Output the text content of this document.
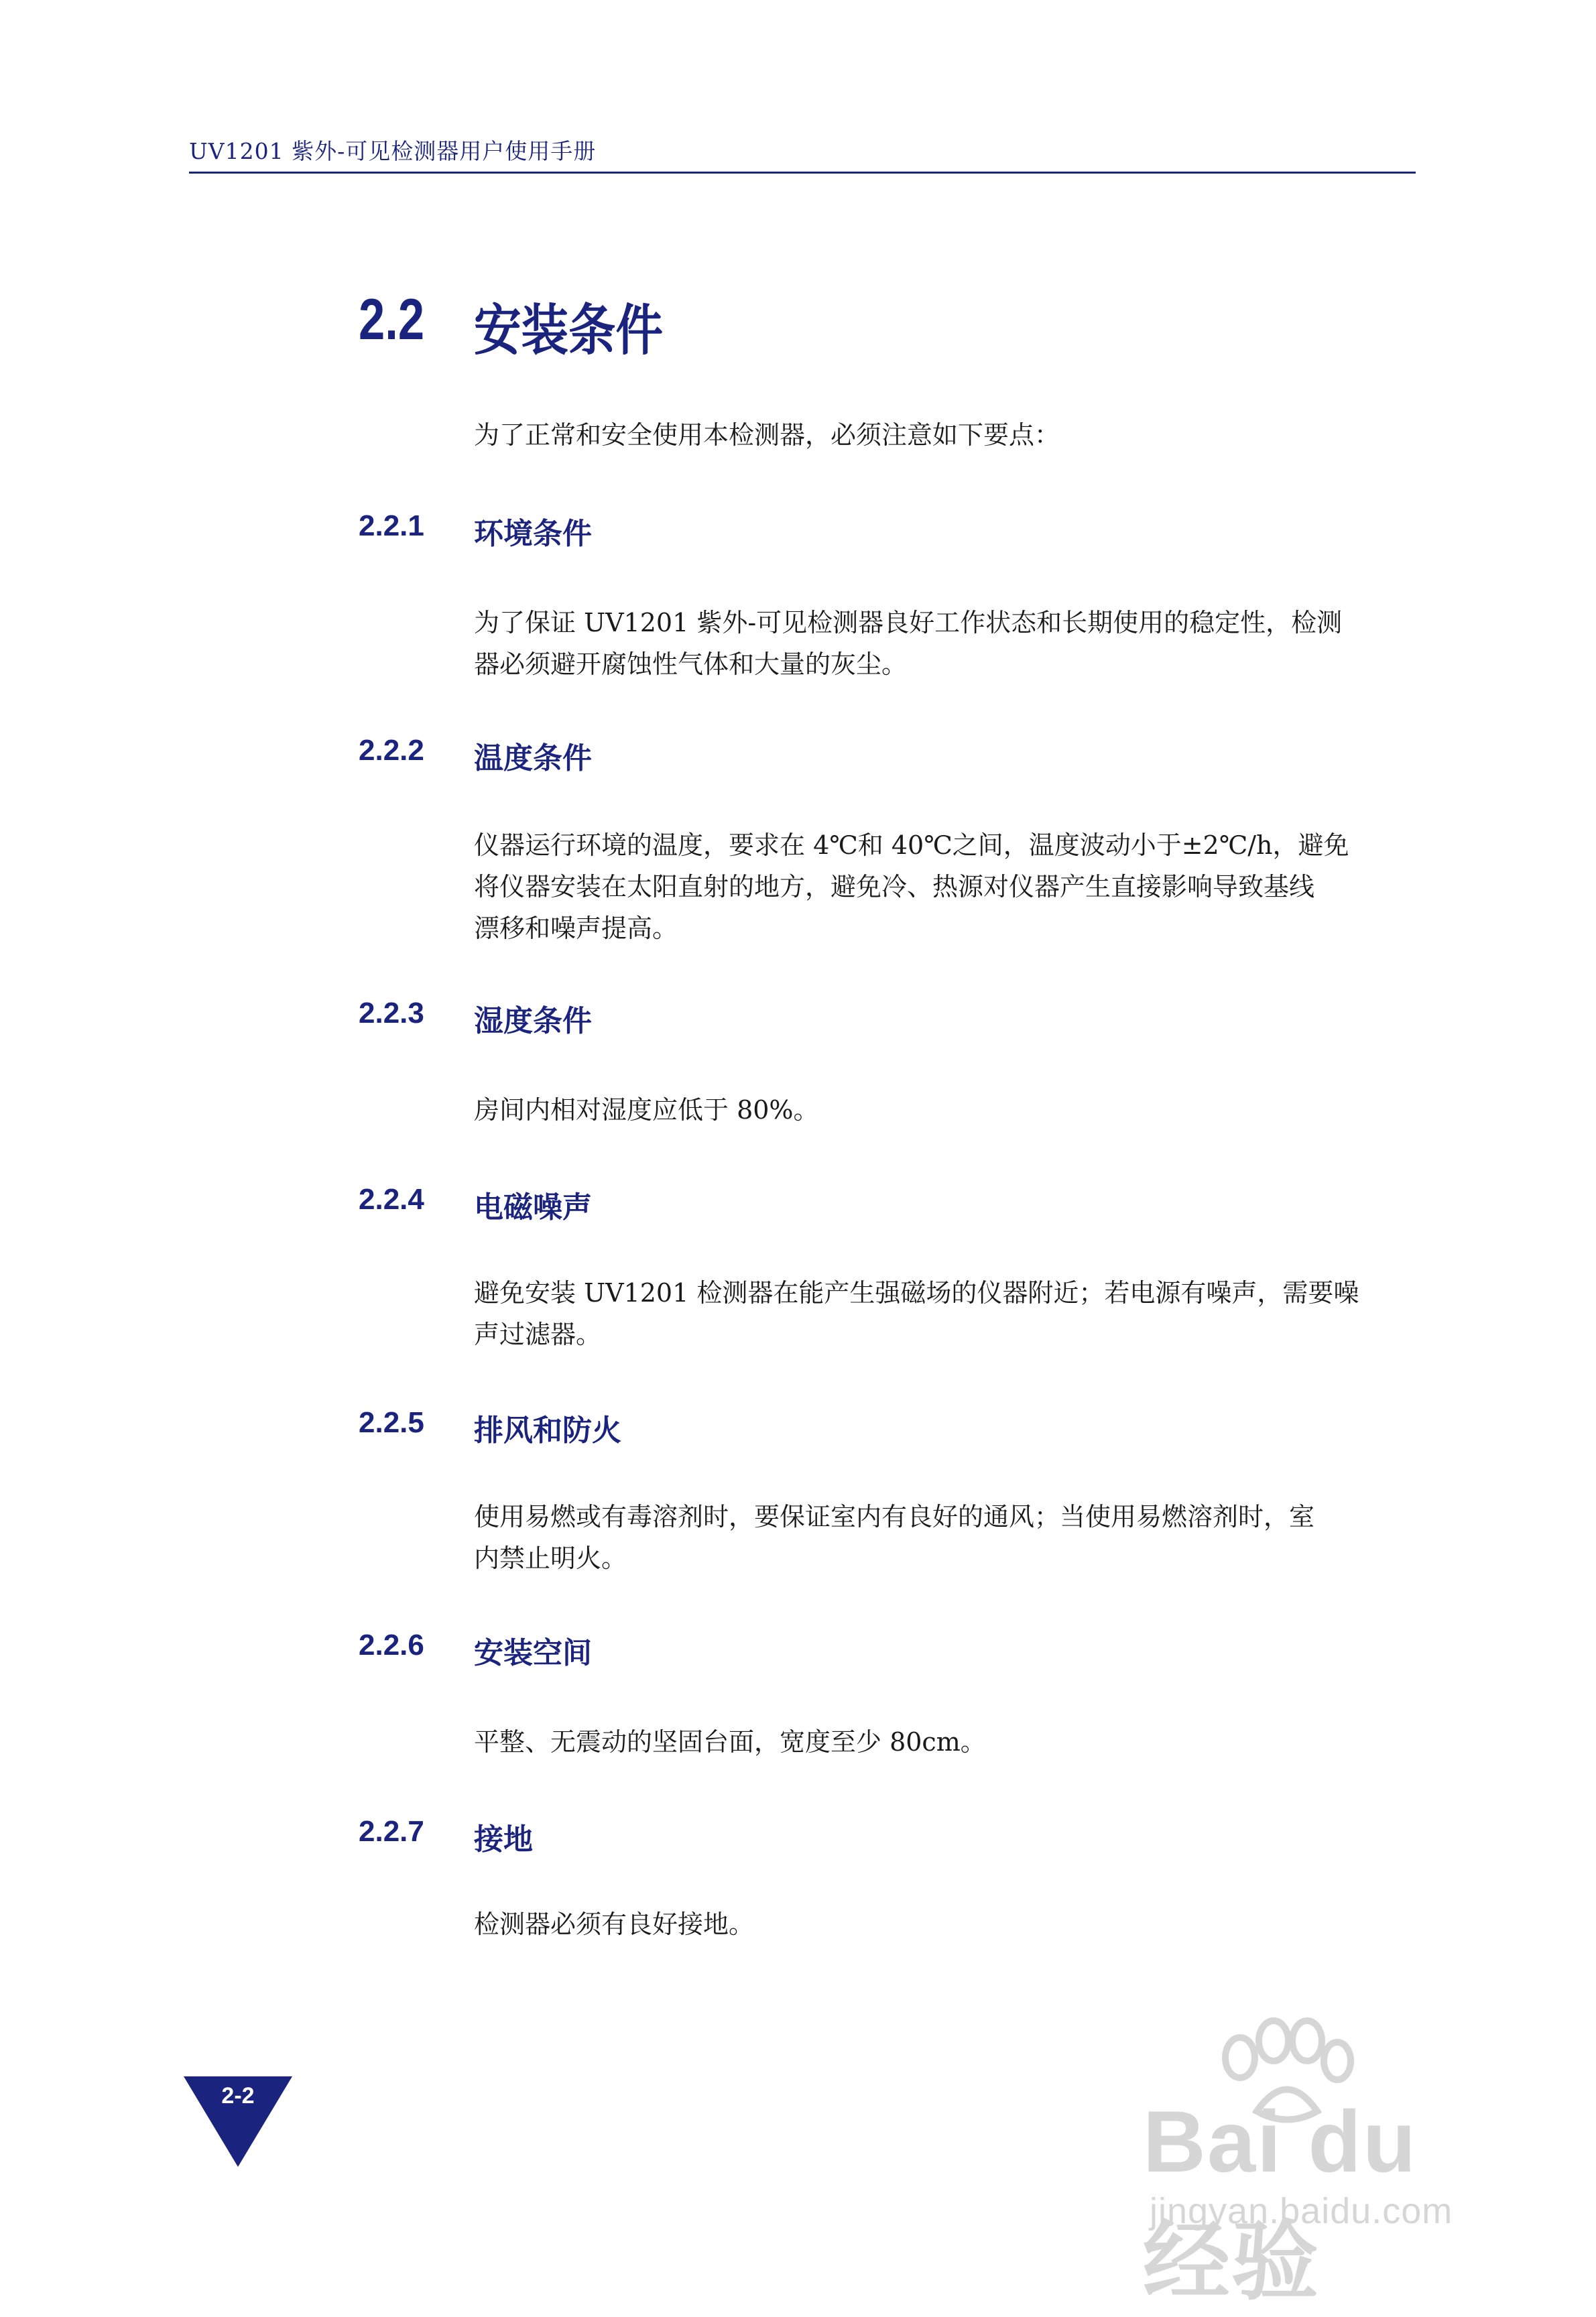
UV1201 紫外-可见检测器用户使用手册
2.2 安装条件
为了正常和安全使用本检测器，必须注意如下要点：
2.2.1 环境条件
为了保证 UV1201 紫外-可见检测器良好工作状态和长期使用的稳定性，检测
器必须避开腐蚀性气体和大量的灰尘。
2.2.2 温度条件
仪器运行环境的温度，要求在 4℃和 40℃之间，温度波动小于±2℃/h，避免
将仪器安装在太阳直射的地方，避免冷、热源对仪器产生直接影响导致基线
漂移和噪声提高。
2.2.3 湿度条件
房间内相对湿度应低于 80%。
2.2.4 电磁噪声
避免安装 UV1201 检测器在能产生强磁场的仪器附近；若电源有噪声，需要噪
声过滤器。
2.2.5 排风和防火
使用易燃或有毒溶剂时，要保证室内有良好的通风；当使用易燃溶剂时，室
内禁止明火。
2.2.6 安装空间
平整、无震动的坚固台面，宽度至少 80cm。
2.2.7 接地
检测器必须有良好接地。
2-2	Bai du 经验
jingyan.baidu.com
